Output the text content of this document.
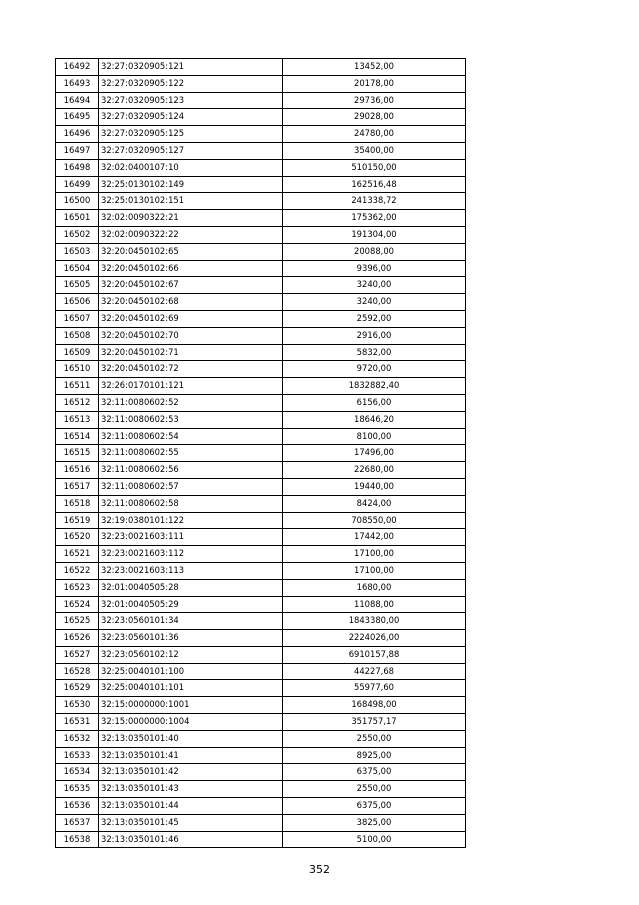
16492	32:27:0320905:121	13452,00
16493	32:27:0320905:122	20178,00
16494	32:27:0320905:123	29736,00
16495	32:27:0320905:124	29028,00
16496	32:27:0320905:125	24780,00
16497	32:27:0320905:127	35400,00
16498	32:02:0400107:10	510150,00
16499	32:25:0130102:149	162516,48
16500	32:25:0130102:151	241338,72
16501	32:02:0090322:21	175362,00
16502	32:02:0090322:22	191304,00
16503	32:20:0450102:65	20088,00
16504	32:20:0450102:66	9396,00
16505	32:20:0450102:67	3240,00
16506	32:20:0450102:68	3240,00
16507	32:20:0450102:69	2592,00
16508	32:20:0450102:70	2916,00
16509	32:20:0450102:71	5832,00
16510	32:20:0450102:72	9720,00
16511	32:26:0170101:121	1832882,40
16512	32:11:0080602:52	6156,00
16513	32:11:0080602:53	18646,20
16514	32:11:0080602:54	8100,00
16515	32:11:0080602:55	17496,00
16516	32:11:0080602:56	22680,00
16517	32:11:0080602:57	19440,00
16518	32:11:0080602:58	8424,00
16519	32:19:0380101:122	708550,00
16520	32:23:0021603:111	17442,00
16521	32:23:0021603:112	17100,00
16522	32:23:0021603:113	17100,00
16523	32:01:0040505:28	1680,00
16524	32:01:0040505:29	11088,00
16525	32:23:0560101:34	1843380,00
16526	32:23:0560101:36	2224026,00
16527	32:23:0560102:12	6910157,88
16528	32:25:0040101:100	44227,68
16529	32:25:0040101:101	55977,60
16530	32:15:0000000:1001	168498,00
16531	32:15:0000000:1004	351757,17
16532	32:13:0350101:40	2550,00
16533	32:13:0350101:41	8925,00
16534	32:13:0350101:42	6375,00
16535	32:13:0350101:43	2550,00
16536	32:13:0350101:44	6375,00
16537	32:13:0350101:45	3825,00
16538	32:13:0350101:46	5100,00
352
